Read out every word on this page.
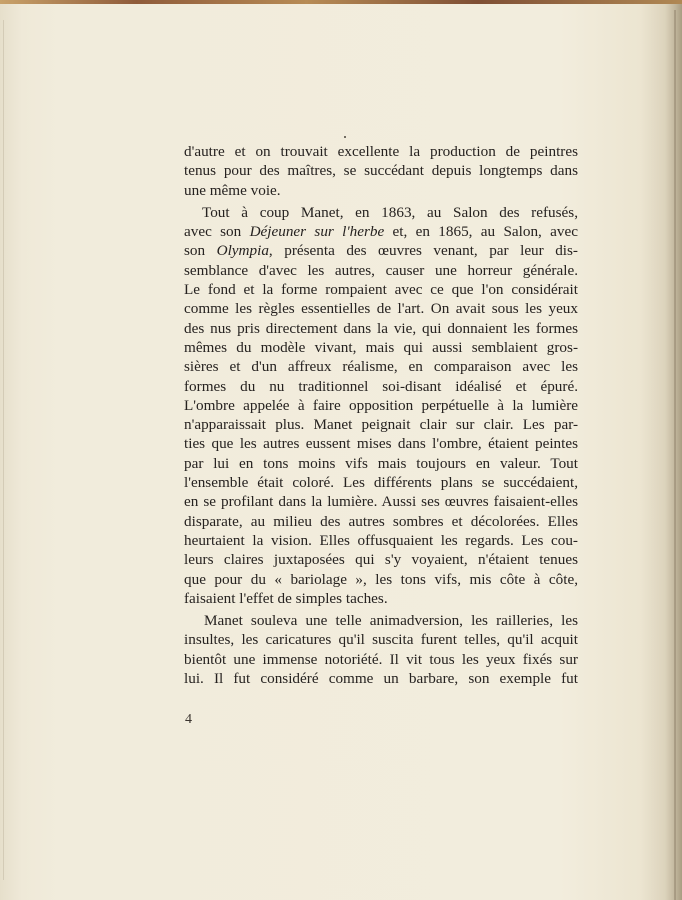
d'autre et on trouvait excellente la production de peintres
tenus pour des maîtres, se succédant depuis longtemps dans
une même voie.
Tout à coup Manet, en 1863, au Salon des refusés,
avec son Déjeuner sur l'herbe et, en 1865, au Salon, avec
son Olympia, présenta des œuvres venant, par leur dis-
semblance d'avec les autres, causer une horreur générale.
Le fond et la forme rompaient avec ce que l'on considérait
comme les règles essentielles de l'art. On avait sous les yeux
des nus pris directement dans la vie, qui donnaient les formes
mêmes du modèle vivant, mais qui aussi semblaient gros-
sières et d'un affreux réalisme, en comparaison avec les
formes du nu traditionnel soi-disant idéalisé et épuré.
L'ombre appelée à faire opposition perpétuelle à la lumière
n'apparaissait plus. Manet peignait clair sur clair. Les par-
ties que les autres eussent mises dans l'ombre, étaient peintes
par lui en tons moins vifs mais toujours en valeur. Tout
l'ensemble était coloré. Les différents plans se succédaient,
en se profilant dans la lumière. Aussi ses œuvres faisaient-elles
disparate, au milieu des autres sombres et décolorées. Elles
heurtaient la vision. Elles offusquaient les regards. Les cou-
leurs claires juxtaposées qui s'y voyaient, n'étaient tenues
que pour du « bariolage », les tons vifs, mis côte à côte,
faisaient l'effet de simples taches.
Manet souleva une telle animadversion, les railleries, les
insultes, les caricatures qu'il suscita furent telles, qu'il acquit
bientôt une immense notoriété. Il vit tous les yeux fixés sur
lui. Il fut considéré comme un barbare, son exemple fut
4
